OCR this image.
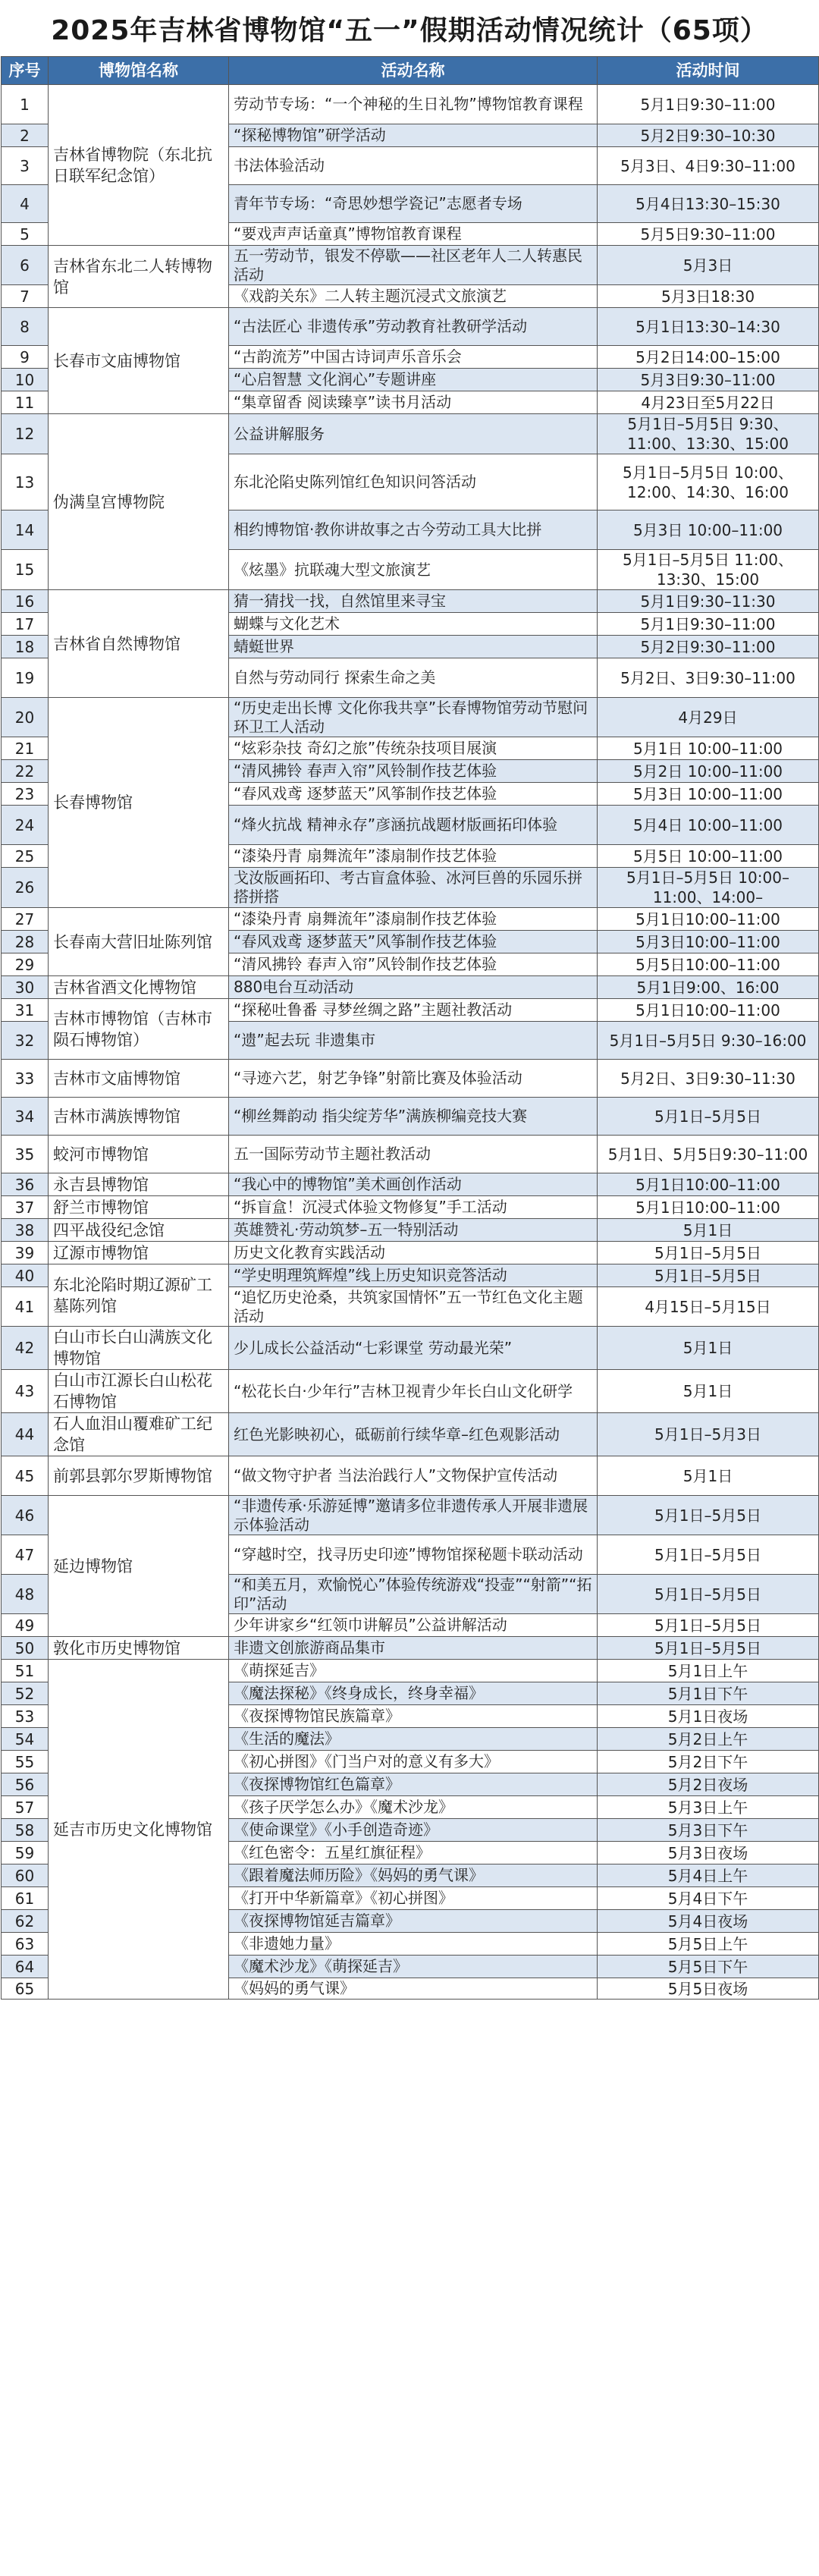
2025年吉林省博物馆“五一”假期活动情况统计（65项）
序号	博物馆名称	活动名称	活动时间
1	吉林省博物院（东北抗日联军纪念馆）	劳动节专场：“一个神秘的生日礼物”博物馆教育课程	5月1日9:30–11:00
2		“探秘博物馆”研学活动	5月2日9:30–10:30
3		书法体验活动	5月3日、4日9:30–11:00
4		青年节专场：“奇思妙想学瓷记”志愿者专场	5月4日13:30–15:30
5		“要戏声声话童真”博物馆教育课程	5月5日9:30–11:00
6	吉林省东北二人转博物馆	五一劳动节，银发不停歇——社区老年人二人转惠民活动	5月3日
7		《戏韵关东》二人转主题沉浸式文旅演艺	5月3日18:30
8	长春市文庙博物馆	“古法匠心 非遗传承”劳动教育社教研学活动	5月1日13:30–14:30
9		“古韵流芳”中国古诗词声乐音乐会	5月2日14:00–15:00
10		“心启智慧 文化润心”专题讲座	5月3日9:30–11:00
11		“集章留香 阅读臻享”读书月活动	4月23日至5月22日
12	伪满皇宫博物院	公益讲解服务	5月1日–5月5日 9:30、11:00、13:30、15:00
13		东北沦陷史陈列馆红色知识问答活动	5月1日–5月5日 10:00、12:00、14:30、16:00
14		相约博物馆·教你讲故事之古今劳动工具大比拼	5月3日 10:00–11:00
15		《炫墨》抗联魂大型文旅演艺	5月1日–5月5日 11:00、13:30、15:00
16	吉林省自然博物馆	猜一猜找一找，自然馆里来寻宝	5月1日9:30–11:30
17		蝴蝶与文化艺术	5月1日9:30–11:00
18		蜻蜓世界	5月2日9:30–11:00
19		自然与劳动同行 探索生命之美	5月2日、3日9:30–11:00
20	长春博物馆	“历史走出长博 文化你我共享”长春博物馆劳动节慰问环卫工人活动	4月29日
21		“炫彩杂技 奇幻之旅”传统杂技项目展演	5月1日 10:00–11:00
22		“清风拂铃 春声入帘”风铃制作技艺体验	5月2日 10:00–11:00
23		“春风戏鸢 逐梦蓝天”风筝制作技艺体验	5月3日 10:00–11:00
24		“烽火抗战 精神永存”彦涵抗战题材版画拓印体验	5月4日 10:00–11:00
25		“漆染丹青 扇舞流年”漆扇制作技艺体验	5月5日 10:00–11:00
26		戈汝版画拓印、考古盲盒体验、冰河巨兽的乐园乐拼搭拼搭	5月1日–5月5日 10:00–11:00、14:00–
27	长春南大营旧址陈列馆	“漆染丹青 扇舞流年”漆扇制作技艺体验	5月1日10:00–11:00
28		“春风戏鸢 逐梦蓝天”风筝制作技艺体验	5月3日10:00–11:00
29		“清风拂铃 春声入帘”风铃制作技艺体验	5月5日10:00–11:00
30	吉林省酒文化博物馆	880电台互动活动	5月1日9:00、16:00
31	吉林市博物馆（吉林市陨石博物馆）	“探秘吐鲁番 寻梦丝绸之路”主题社教活动	5月1日10:00–11:00
32		“遗”起去玩 非遗集市	5月1日–5月5日 9:30–16:00
33	吉林市文庙博物馆	“寻迹六艺，射艺争锋”射箭比赛及体验活动	5月2日、3日9:30–11:30
34	吉林市满族博物馆	“柳丝舞韵动 指尖绽芳华”满族柳编竞技大赛	5月1日–5月5日
35	蛟河市博物馆	五一国际劳动节主题社教活动	5月1日、5月5日9:30–11:00
36	永吉县博物馆	“我心中的博物馆”美术画创作活动	5月1日10:00–11:00
37	舒兰市博物馆	“拆盲盒！沉浸式体验文物修复”手工活动	5月1日10:00–11:00
38	四平战役纪念馆	英雄赞礼·劳动筑梦–五一特别活动	5月1日
39	辽源市博物馆	历史文化教育实践活动	5月1日–5月5日
40	东北沦陷时期辽源矿工墓陈列馆	“学史明理筑辉煌”线上历史知识竞答活动	5月1日–5月5日
41		“追忆历史沧桑，共筑家国情怀”五一节红色文化主题活动	4月15日–5月15日
42	白山市长白山满族文化博物馆	少儿成长公益活动“七彩课堂 劳动最光荣”	5月1日
43	白山市江源长白山松花石博物馆	“松花长白·少年行”吉林卫视青少年长白山文化研学	5月1日
44	石人血泪山覆难矿工纪念馆	红色光影映初心，砥砺前行续华章–红色观影活动	5月1日–5月3日
45	前郭县郭尔罗斯博物馆	“做文物守护者 当法治践行人”文物保护宣传活动	5月1日
46	延边博物馆	“非遗传承·乐游延博”邀请多位非遗传承人开展非遗展示体验活动	5月1日–5月5日
47		“穿越时空，找寻历史印迹”博物馆探秘题卡联动活动	5月1日–5月5日
48		“和美五月，欢愉悦心”体验传统游戏“投壶”“射箭”“拓印”活动	5月1日–5月5日
49		少年讲家乡“红领巾讲解员”公益讲解活动	5月1日–5月5日
50	敦化市历史博物馆	非遗文创旅游商品集市	5月1日–5月5日
51	延吉市历史文化博物馆	《萌探延吉》	5月1日上午
52		《魔法探秘》《终身成长，终身幸福》	5月1日下午
53		《夜探博物馆民族篇章》	5月1日夜场
54		《生活的魔法》	5月2日上午
55		《初心拼图》《门当户对的意义有多大》	5月2日下午
56		《夜探博物馆红色篇章》	5月2日夜场
57		《孩子厌学怎么办》《魔术沙龙》	5月3日上午
58		《使命课堂》《小手创造奇迹》	5月3日下午
59		《红色密令：五星红旗征程》	5月3日夜场
60		《跟着魔法师历险》《妈妈的勇气课》	5月4日上午
61		《打开中华新篇章》《初心拼图》	5月4日下午
62		《夜探博物馆延吉篇章》	5月4日夜场
63		《非遗她力量》	5月5日上午
64		《魔术沙龙》《萌探延吉》	5月5日下午
65		《妈妈的勇气课》	5月5日夜场
